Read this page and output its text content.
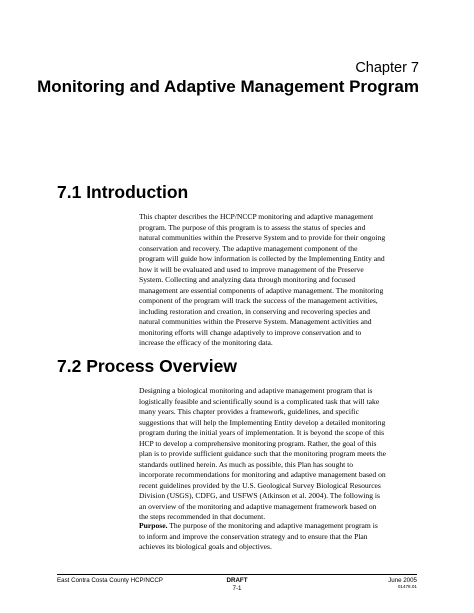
Chapter 7
Monitoring and Adaptive Management Program
7.1 Introduction
This chapter describes the HCP/NCCP monitoring and adaptive management
program. The purpose of this program is to assess the status of species and
natural communities within the Preserve System and to provide for their ongoing
conservation and recovery. The adaptive management component of the
program will guide how information is collected by the Implementing Entity and
how it will be evaluated and used to improve management of the Preserve
System. Collecting and analyzing data through monitoring and focused
management are essential components of adaptive management. The monitoring
component of the program will track the success of the management activities,
including restoration and creation, in conserving and recovering species and
natural communities within the Preserve System. Management activities and
monitoring efforts will change adaptively to improve conservation and to
increase the efficacy of the monitoring data.
7.2 Process Overview
Designing a biological monitoring and adaptive management program that is
logistically feasible and scientifically sound is a complicated task that will take
many years. This chapter provides a framework, guidelines, and specific
suggestions that will help the Implementing Entity develop a detailed monitoring
program during the initial years of implementation. It is beyond the scope of this
HCP to develop a comprehensive monitoring program. Rather, the goal of this
plan is to provide sufficient guidance such that the monitoring program meets the
standards outlined herein. As much as possible, this Plan has sought to
incorporate recommendations for monitoring and adaptive management based on
recent guidelines provided by the U.S. Geological Survey Biological Resources
Division (USGS), CDFG, and USFWS (Atkinson et al. 2004). The following is
an overview of the monitoring and adaptive management framework based on
the steps recommended in that document.
Purpose. The purpose of the monitoring and adaptive management program is
to inform and improve the conservation strategy and to ensure that the Plan
achieves its biological goals and objectives.
East Contra Costa County HCP/NCCP	DRAFT
7-1
June 2005
01478.01
